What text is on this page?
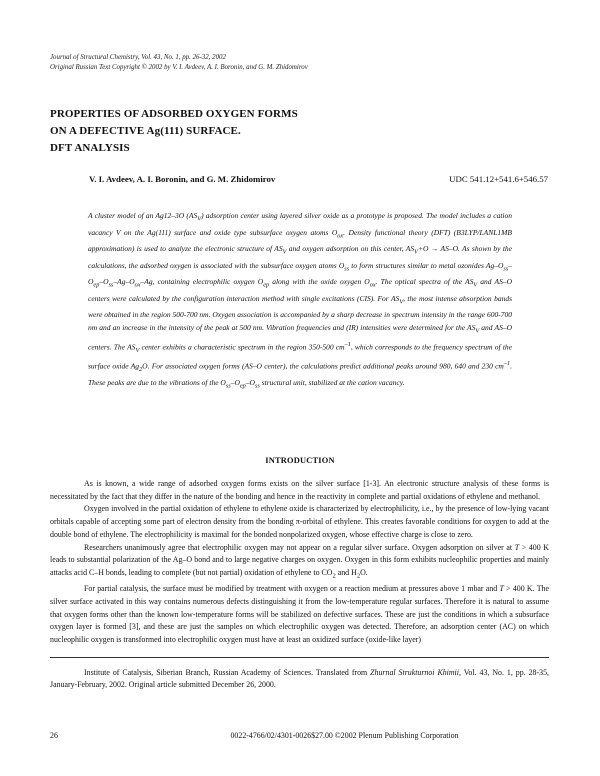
Journal of Structural Chemistry, Vol. 43, No. 1, pp. 26-32, 2002
Original Russian Text Copyright © 2002 by V. I. Avdeev, A. I. Boronin, and G. M. Zhidomirov
PROPERTIES OF ADSORBED OXYGEN FORMS
ON A DEFECTIVE Ag(111) SURFACE.
DFT ANALYSIS
V. I. Avdeev, A. I. Boronin, and G. M. Zhidomirov	UDC 541.12+541.6+546.57
A cluster model of an Ag12–3O $(AS_V)$ adsorption center using layered silver oxide as a prototype is proposed. The model includes a cation vacancy V on the Ag(111) surface and oxide type subsurface oxygen atoms $O_{ox}$. Density functional theory (DFT) (B3LYP/LANL1MB approximation) is used to analyze the electronic structure of $AS_V$ and oxygen adsorption on this center, $AS_V+O \to AS-O$. As shown by the calculations, the adsorbed oxygen is associated with the subsurface oxygen atoms $O_{ss}$ to form structures similar to metal ozonides $Ag-O_{ss}-O_{ep}-O_{ss}-Ag-O_{ox}-Ag$, containing electrophilic oxygen $O_{ep}$ along with the oxide oxygen $O_{ox}$. The optical spectra of the $AS_V$ and AS–O centers were calculated by the configuration interaction method with single excitations (CIS). For $AS_V$, the most intense absorption bands were obtained in the region 500-700 nm. Oxygen association is accompanied by a sharp decrease in spectrum intensity in the range 600-700 nm and an increase in the intensity of the peak at 500 nm. Vibration frequencies and (IR) intensities were determined for the $AS_V$ and AS–O centers. The $AS_V$ center exhibits a characteristic spectrum in the region 350-500 $cm^{-1}$, which corresponds to the frequency spectrum of the surface oxide $Ag_2O$. For associated oxygen forms (AS–O center), the calculations predict additional peaks around 980, 640 and 230 $cm^{-1}$. These peaks are due to the vibrations of the $O_{ss}-O_{ep}-O_{ss}$ structural unit, stabilized at the cation vacancy.
INTRODUCTION

As is known, a wide range of adsorbed oxygen forms exists on the silver surface [1-3]. An electronic structure analysis of these forms is necessitated by the fact that they differ in the nature of the bonding and hence in the reactivity in complete and partial oxidations of ethylene and methanol.

Oxygen involved in the partial oxidation of ethylene to ethylene oxide is characterized by electrophilicity, i.e., by the presence of low-lying vacant orbitals capable of accepting some part of electron density from the bonding π-orbital of ethylene. This creates favorable conditions for oxygen to add at the double bond of ethylene. The electrophilicity is maximal for the bonded nonpolarized oxygen, whose effective charge is close to zero.

Researchers unanimously agree that electrophilic oxygen may not appear on a regular silver surface. Oxygen adsorption on silver at T > 400 K leads to substantial polarization of the Ag–O bond and to large negative charges on oxygen. Oxygen in this form exhibits nucleophilic properties and mainly attacks acid C–H bonds, leading to complete (but not partial) oxidation of ethylene to $CO_2$ and $H_2O$.

For partial catalysis, the surface must be modified by treatment with oxygen or a reaction medium at pressures above 1 mbar and T > 400 K. The silver surface activated in this way contains numerous defects distinguishing it from the low-temperature regular surfaces. Therefore it is natural to assume that oxygen forms other than the known low-temperature forms will be stabilized on defective surfaces. These are just the conditions in which a subsurface oxygen layer is formed [3], and these are just the samples on which electrophilic oxygen was detected. Therefore, an adsorption center (AC) on which nucleophilic oxygen is transformed into electrophilic oxygen must have at least an oxidized surface (oxide-like layer)

Institute of Catalysis, Siberian Branch, Russian Academy of Sciences. Translated from Zhurnal Strukturnoi Khimii, Vol. 43, No. 1, pp. 28-35, January-February, 2002. Original article submitted December 26, 2000.
26	0022-4766/02/4301-0026$27.00 ©2002 Plenum Publishing Corporation
